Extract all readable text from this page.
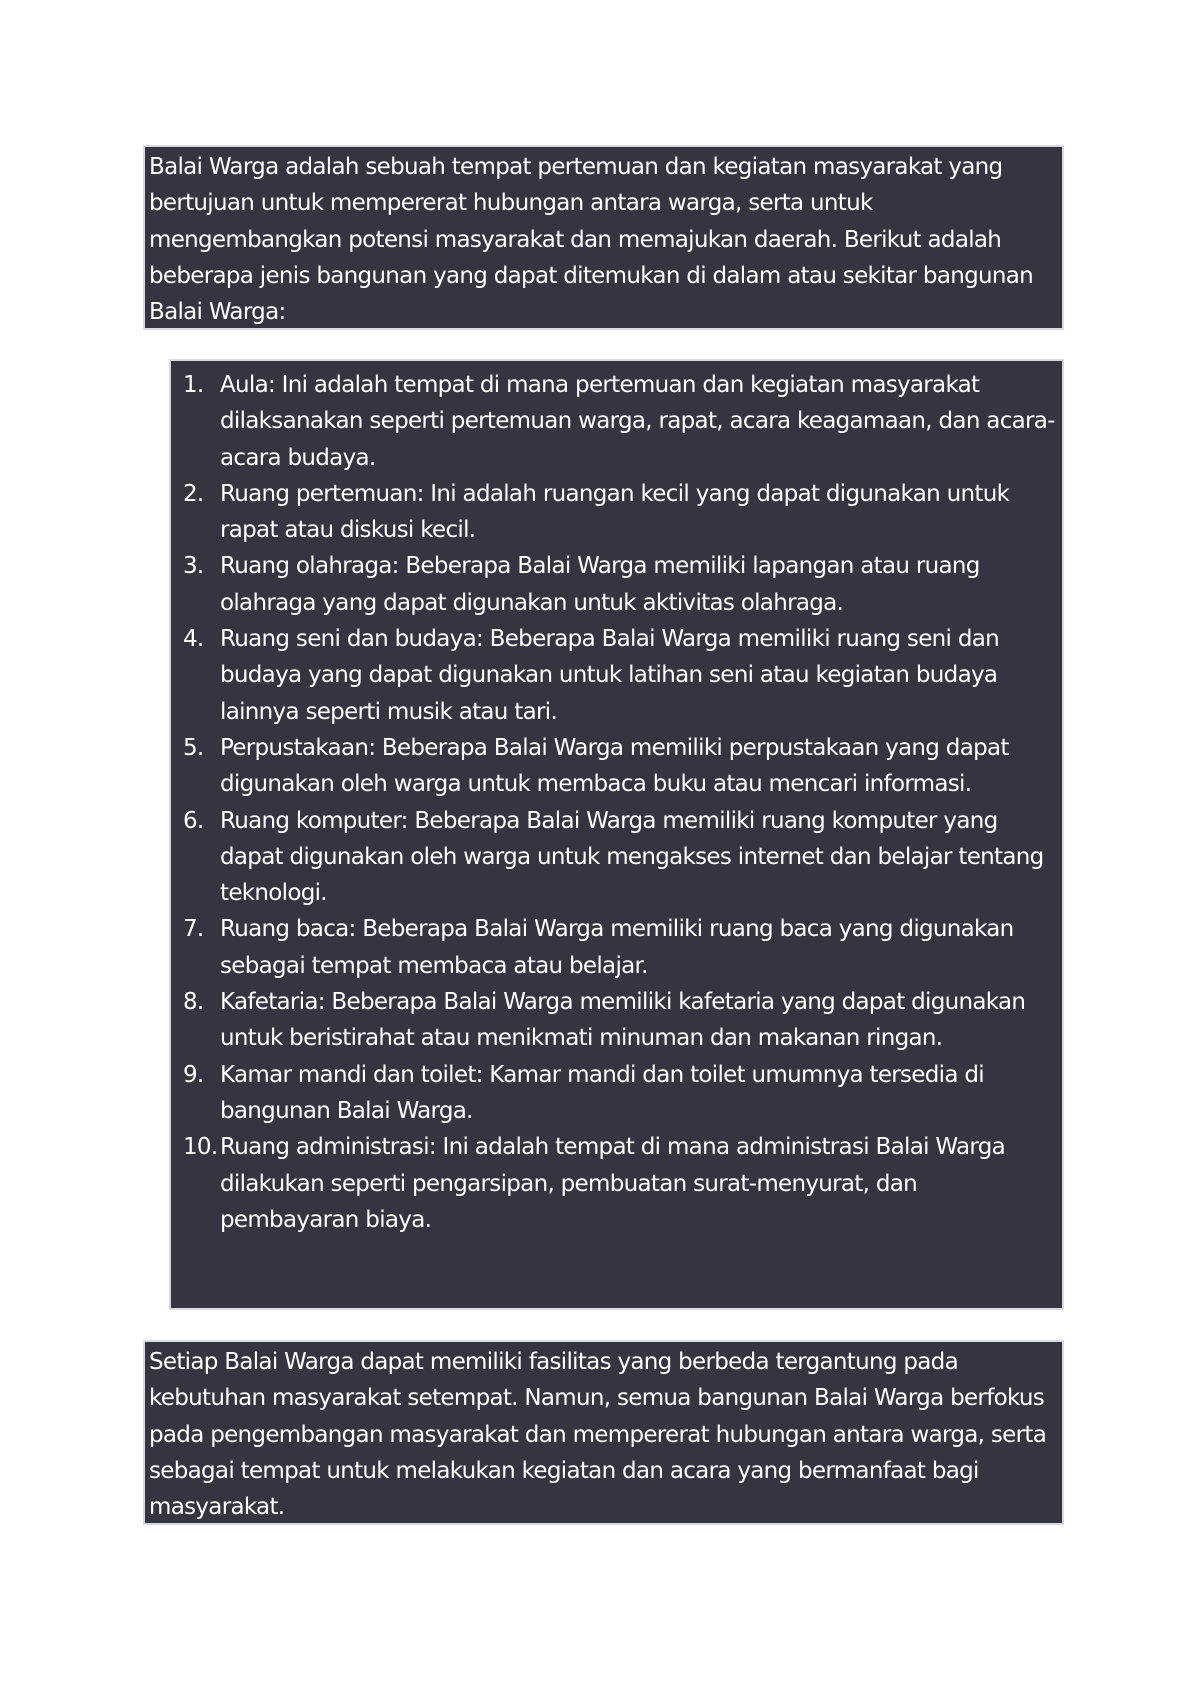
Balai Warga adalah sebuah tempat pertemuan dan kegiatan masyarakat yang bertujuan untuk mempererat hubungan antara warga, serta untuk mengembangkan potensi masyarakat dan memajukan daerah. Berikut adalah beberapa jenis bangunan yang dapat ditemukan di dalam atau sekitar bangunan Balai Warga:
1. Aula: Ini adalah tempat di mana pertemuan dan kegiatan masyarakat dilaksanakan seperti pertemuan warga, rapat, acara keagamaan, dan acara-acara budaya.
2. Ruang pertemuan: Ini adalah ruangan kecil yang dapat digunakan untuk rapat atau diskusi kecil.
3. Ruang olahraga: Beberapa Balai Warga memiliki lapangan atau ruang olahraga yang dapat digunakan untuk aktivitas olahraga.
4. Ruang seni dan budaya: Beberapa Balai Warga memiliki ruang seni dan budaya yang dapat digunakan untuk latihan seni atau kegiatan budaya lainnya seperti musik atau tari.
5. Perpustakaan: Beberapa Balai Warga memiliki perpustakaan yang dapat digunakan oleh warga untuk membaca buku atau mencari informasi.
6. Ruang komputer: Beberapa Balai Warga memiliki ruang komputer yang dapat digunakan oleh warga untuk mengakses internet dan belajar tentang teknologi.
7. Ruang baca: Beberapa Balai Warga memiliki ruang baca yang digunakan sebagai tempat membaca atau belajar.
8. Kafetaria: Beberapa Balai Warga memiliki kafetaria yang dapat digunakan untuk beristirahat atau menikmati minuman dan makanan ringan.
9. Kamar mandi dan toilet: Kamar mandi dan toilet umumnya tersedia di bangunan Balai Warga.
10. Ruang administrasi: Ini adalah tempat di mana administrasi Balai Warga dilakukan seperti pengarsipan, pembuatan surat-menyurat, dan pembayaran biaya.
Setiap Balai Warga dapat memiliki fasilitas yang berbeda tergantung pada kebutuhan masyarakat setempat. Namun, semua bangunan Balai Warga berfokus pada pengembangan masyarakat dan mempererat hubungan antara warga, serta sebagai tempat untuk melakukan kegiatan dan acara yang bermanfaat bagi masyarakat.
